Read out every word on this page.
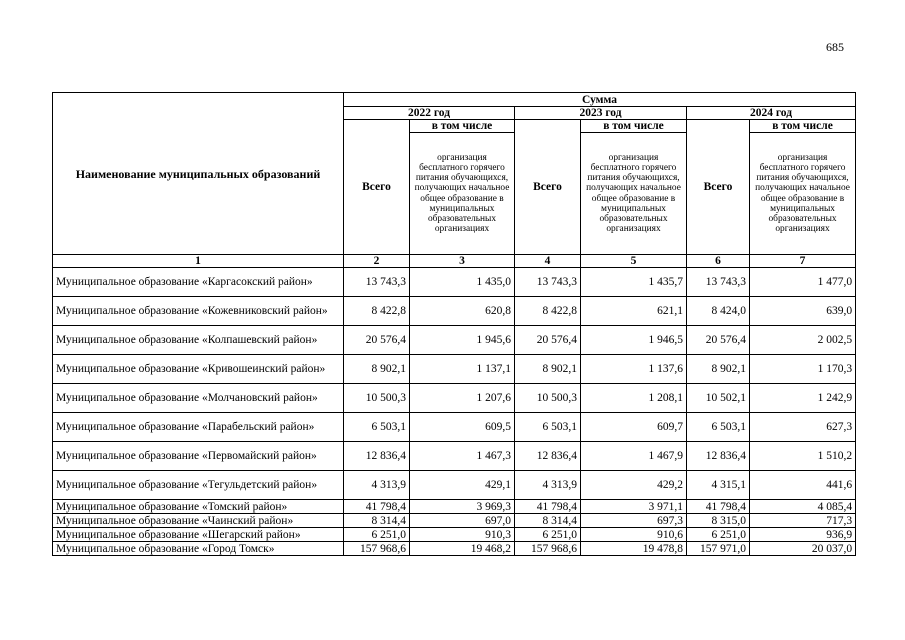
685
Наименование муниципальных образований	Сумма					
	2022 год		2023 год		2024 год	
	Всего	в том числе	Всего	в том числе	Всего	в том числе
		организация бесплатного горячего питания обучающихся, получающих начальное общее образование в муниципальных образовательных организациях		организация бесплатного горячего питания обучающихся, получающих начальное общее образование в муниципальных образовательных организациях		организация бесплатного горячего питания обучающихся, получающих начальное общее образование в муниципальных образовательных организациях
1	2	3	4	5	6	7
Муниципальное образование «Каргасокский район»	13 743,3	1 435,0	13 743,3	1 435,7	13 743,3	1 477,0
Муниципальное образование «Кожевниковский район»	8 422,8	620,8	8 422,8	621,1	8 424,0	639,0
Муниципальное образование «Колпашевский район»	20 576,4	1 945,6	20 576,4	1 946,5	20 576,4	2 002,5
Муниципальное образование «Кривошеинский район»	8 902,1	1 137,1	8 902,1	1 137,6	8 902,1	1 170,3
Муниципальное образование «Молчановский район»	10 500,3	1 207,6	10 500,3	1 208,1	10 502,1	1 242,9
Муниципальное образование «Парабельский район»	6 503,1	609,5	6 503,1	609,7	6 503,1	627,3
Муниципальное образование «Первомайский район»	12 836,4	1 467,3	12 836,4	1 467,9	12 836,4	1 510,2
Муниципальное образование «Тегульдетский район»	4 313,9	429,1	4 313,9	429,2	4 315,1	441,6
Муниципальное образование «Томский район»	41 798,4	3 969,3	41 798,4	3 971,1	41 798,4	4 085,4
Муниципальное образование «Чаинский район»	8 314,4	697,0	8 314,4	697,3	8 315,0	717,3
Муниципальное образование «Шегарский район»	6 251,0	910,3	6 251,0	910,6	6 251,0	936,9
Муниципальное образование «Город Томск»	157 968,6	19 468,2	157 968,6	19 478,8	157 971,0	20 037,0
